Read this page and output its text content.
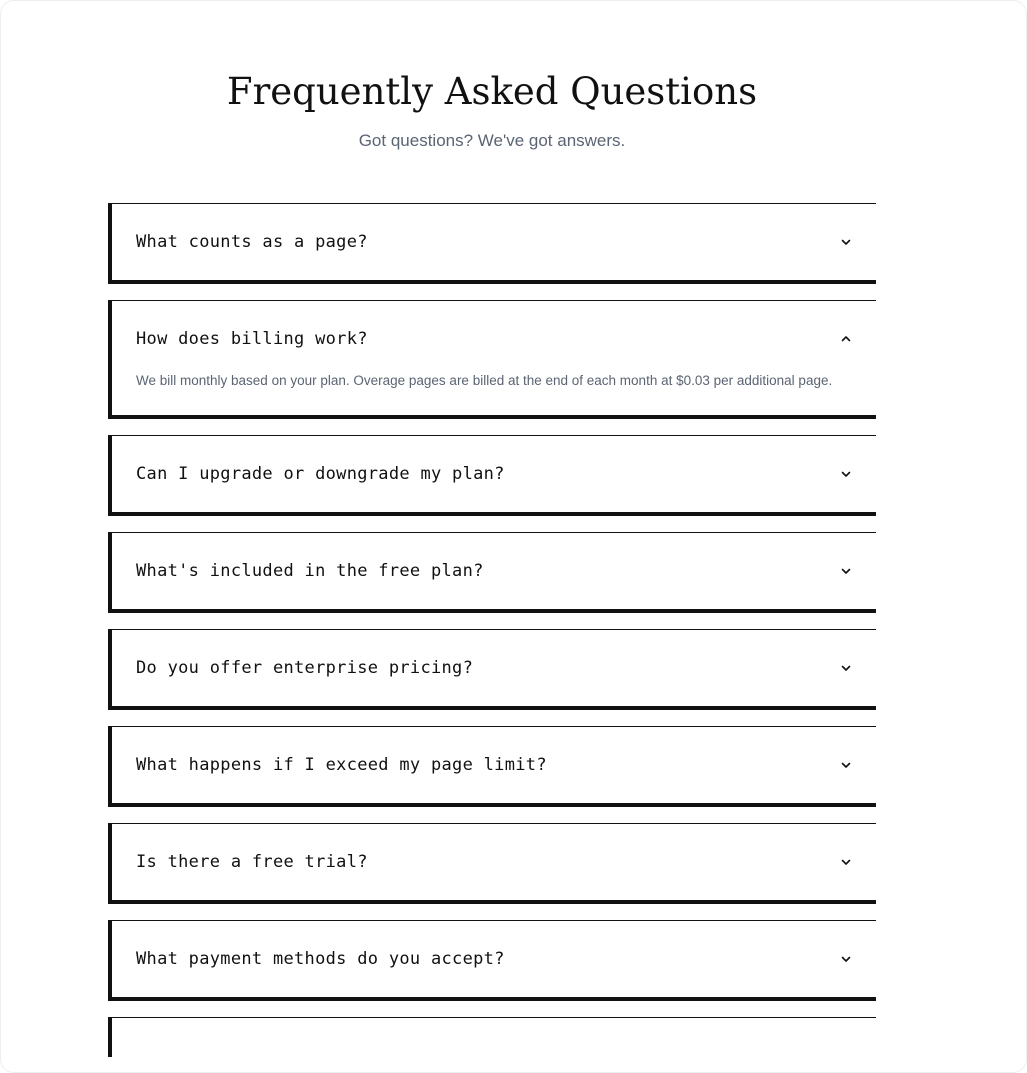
Frequently Asked Questions

Got questions? We've got answers.

What counts as a page?
How does billing work?
We bill monthly based on your plan. Overage pages are billed at the end of each month at $0.03 per additional page.
Can I upgrade or downgrade my plan?
What's included in the free plan?
Do you offer enterprise pricing?
What happens if I exceed my page limit?
Is there a free trial?
What payment methods do you accept?
